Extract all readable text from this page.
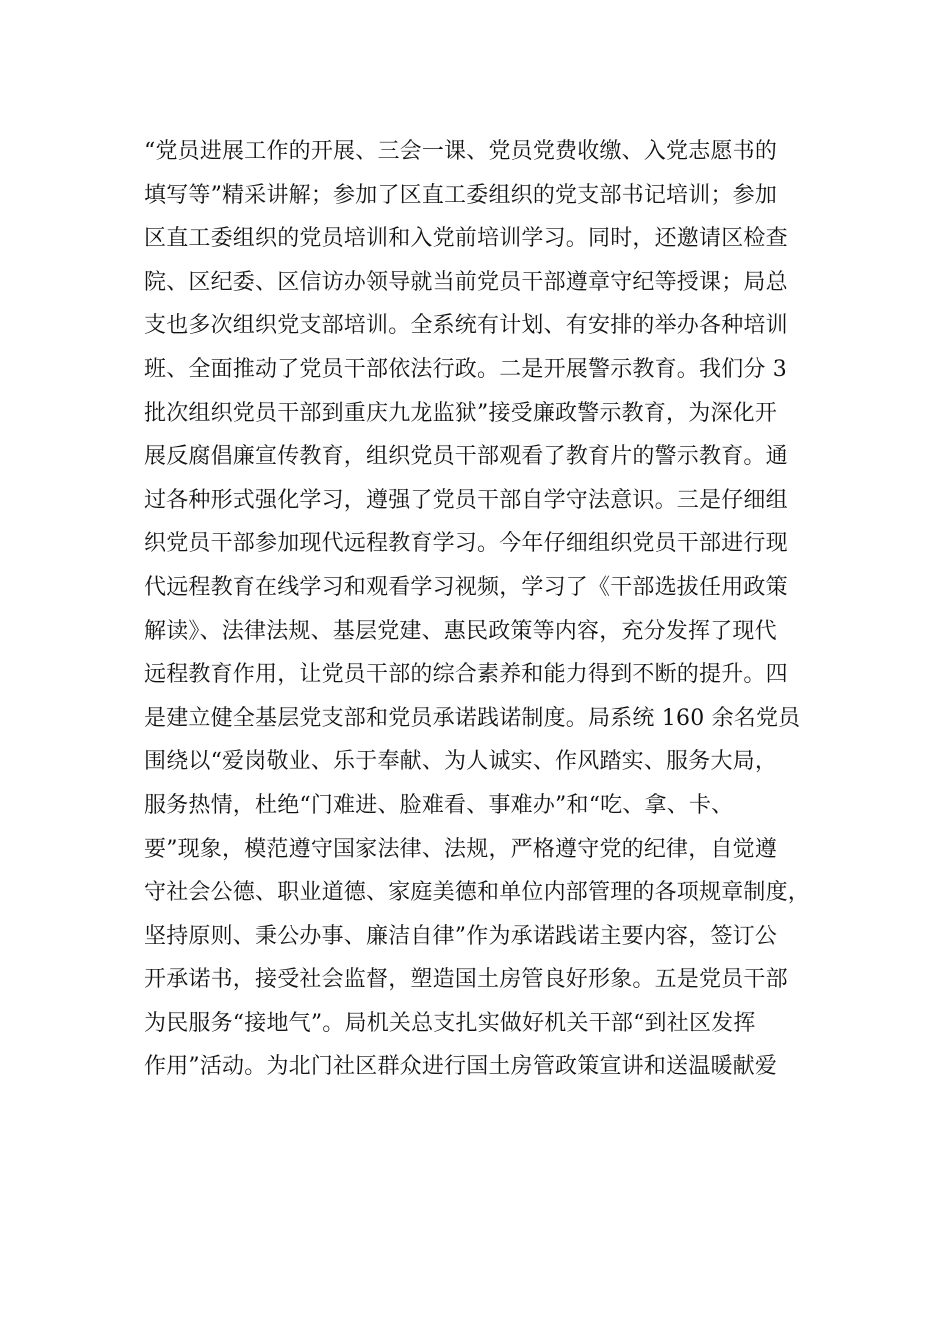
“党员进展工作的开展、三会一课、党员党费收缴、入党志愿书的
填写等”精采讲解；参加了区直工委组织的党支部书记培训；参加
区直工委组织的党员培训和入党前培训学习。同时，还邀请区检查
院、区纪委、区信访办领导就当前党员干部遵章守纪等授课；局总
支也多次组织党支部培训。全系统有计划、有安排的举办各种培训
班、全面推动了党员干部依法行政。二是开展警示教育。我们分 3
批次组织党员干部到重庆九龙监狱”接受廉政警示教育，为深化开
展反腐倡廉宣传教育，组织党员干部观看了教育片的警示教育。通
过各种形式强化学习，遵强了党员干部自学守法意识。三是仔细组
织党员干部参加现代远程教育学习。今年仔细组织党员干部进行现
代远程教育在线学习和观看学习视频，学习了《干部选拔任用政策
解读》、法律法规、基层党建、惠民政策等内容，充分发挥了现代
远程教育作用，让党员干部的综合素养和能力得到不断的提升。四
是建立健全基层党支部和党员承诺践诺制度。局系统 160 余名党员
围绕以“爱岗敬业、乐于奉献、为人诚实、作风踏实、服务大局，
服务热情，杜绝“门难进、脸难看、事难办”和“吃、拿、卡、
要”现象，模范遵守国家法律、法规，严格遵守党的纪律，自觉遵
守社会公德、职业道德、家庭美德和单位内部管理的各项规章制度，
坚持原则、秉公办事、廉洁自律”作为承诺践诺主要内容，签订公
开承诺书，接受社会监督，塑造国土房管良好形象。五是党员干部
为民服务“接地气”。局机关总支扎实做好机关干部“到社区发挥
作用”活动。为北门社区群众进行国土房管政策宣讲和送温暖献爱
